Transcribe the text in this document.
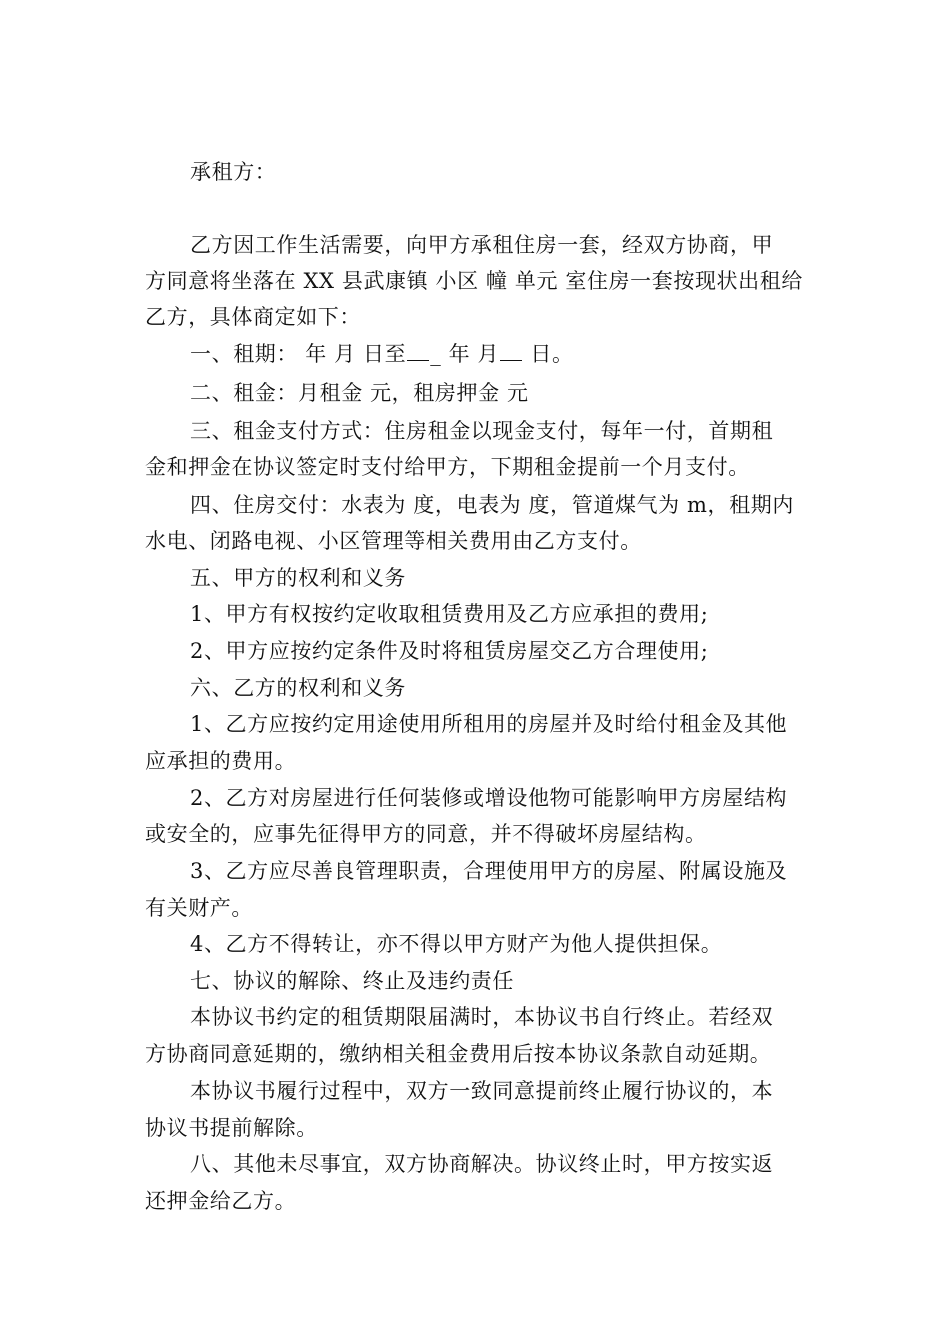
承租方：
乙方因工作生活需要，向甲方承租住房一套，经双方协商，甲
方同意将坐落在 XX 县武康镇 小区 幢 单元 室住房一套按现状出租给
乙方，具体商定如下：
一、租期： 年 月 日至 _ 年 月 日。
二、租金：月租金 元，租房押金 元
三、租金支付方式：住房租金以现金支付，每年一付，首期租
金和押金在协议签定时支付给甲方，下期租金提前一个月支付。
四、住房交付：水表为 度，电表为 度，管道煤气为 m，租期内
水电、闭路电视、小区管理等相关费用由乙方支付。
五、甲方的权利和义务
1、甲方有权按约定收取租赁费用及乙方应承担的费用;
2、甲方应按约定条件及时将租赁房屋交乙方合理使用;
六、乙方的权利和义务
1、乙方应按约定用途使用所租用的房屋并及时给付租金及其他
应承担的费用。
2、乙方对房屋进行任何装修或增设他物可能影响甲方房屋结构
或安全的，应事先征得甲方的同意，并不得破坏房屋结构。
3、乙方应尽善良管理职责，合理使用甲方的房屋、附属设施及
有关财产。
4、乙方不得转让，亦不得以甲方财产为他人提供担保。
七、协议的解除、终止及违约责任
本协议书约定的租赁期限届满时，本协议书自行终止。若经双
方协商同意延期的，缴纳相关租金费用后按本协议条款自动延期。
本协议书履行过程中，双方一致同意提前终止履行协议的，本
协议书提前解除。
八、其他未尽事宜，双方协商解决。协议终止时，甲方按实返
还押金给乙方。
